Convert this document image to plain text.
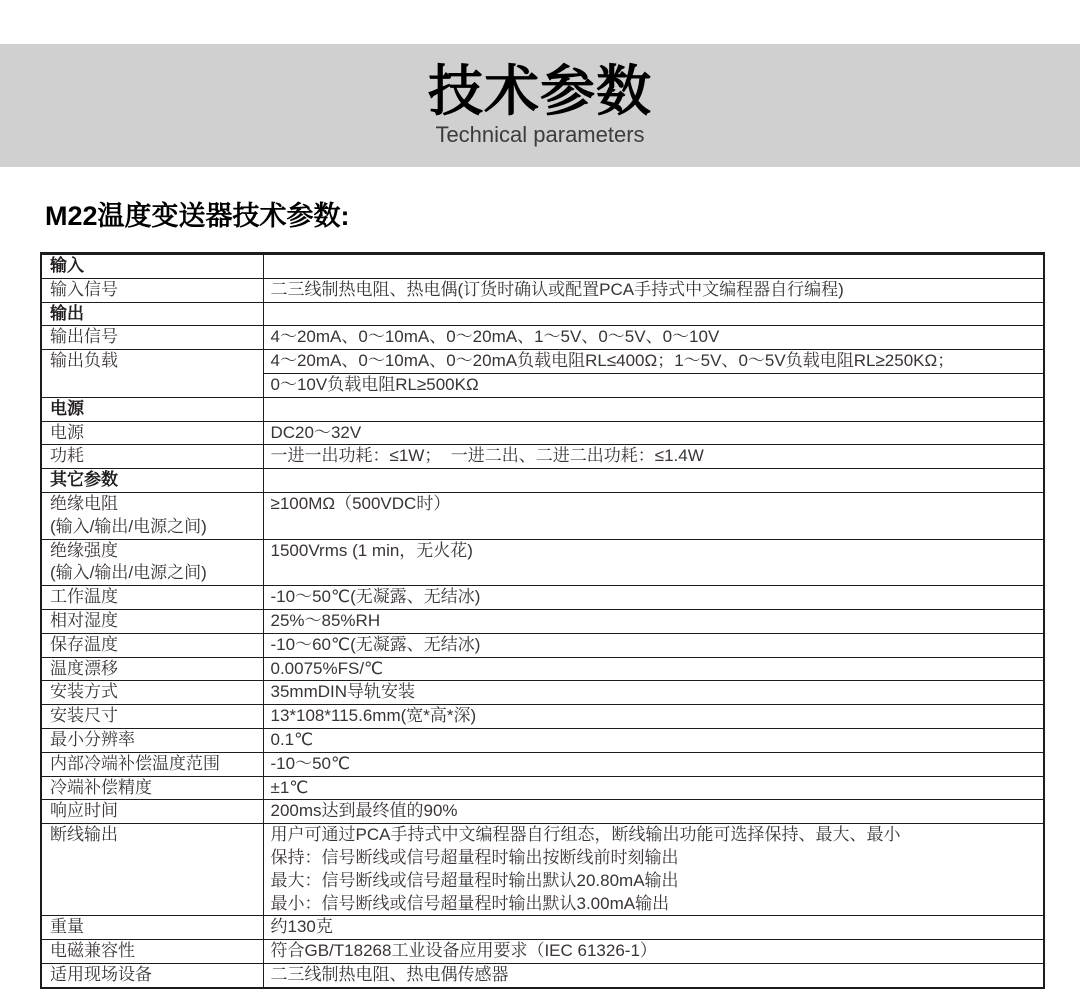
技术参数
Technical parameters
M22温度变送器技术参数:
输入	

输入信号	二三线制热电阻、热电偶(订货时确认或配置PCA手持式中文编程器自行编程)

输出	

输出信号	4～20mA、0～10mA、0～20mA、1～5V、0～5V、0～10V

输出负载	4～20mA、0～10mA、0～20mA负载电阻RL≤400Ω；1～5V、0～5V负载电阻RL≥250KΩ；

	0～10V负载电阻RL≥500KΩ

电源	

电源	DC20～32V

功耗	一进一出功耗：≤1W；  一进二出、二进二出功耗：≤1.4W

其它参数	

绝缘电阻
(输入/输出/电源之间)	≥100MΩ（500VDC时）

绝缘强度
(输入/输出/电源之间)	1500Vrms (1 min，无火花)

工作温度	-10～50℃(无凝露、无结冰)

相对湿度	25%～85%RH

保存温度	-10～60℃(无凝露、无结冰)

温度漂移	0.0075%FS/℃

安装方式	35mmDIN导轨安装

安装尺寸	13*108*115.6mm(宽*高*深)

最小分辨率	0.1℃

内部冷端补偿温度范围	-10～50℃

冷端补偿精度	±1℃

响应时间	200ms达到最终值的90%

断线输出	用户可通过PCA手持式中文编程器自行组态，断线输出功能可选择保持、最大、最小
保持：信号断线或信号超量程时输出按断线前时刻输出
最大：信号断线或信号超量程时输出默认20.80mA输出
最小：信号断线或信号超量程时输出默认3.00mA输出

重量	约130克

电磁兼容性	符合GB/T18268工业设备应用要求（IEC 61326-1）

适用现场设备	二三线制热电阻、热电偶传感器
